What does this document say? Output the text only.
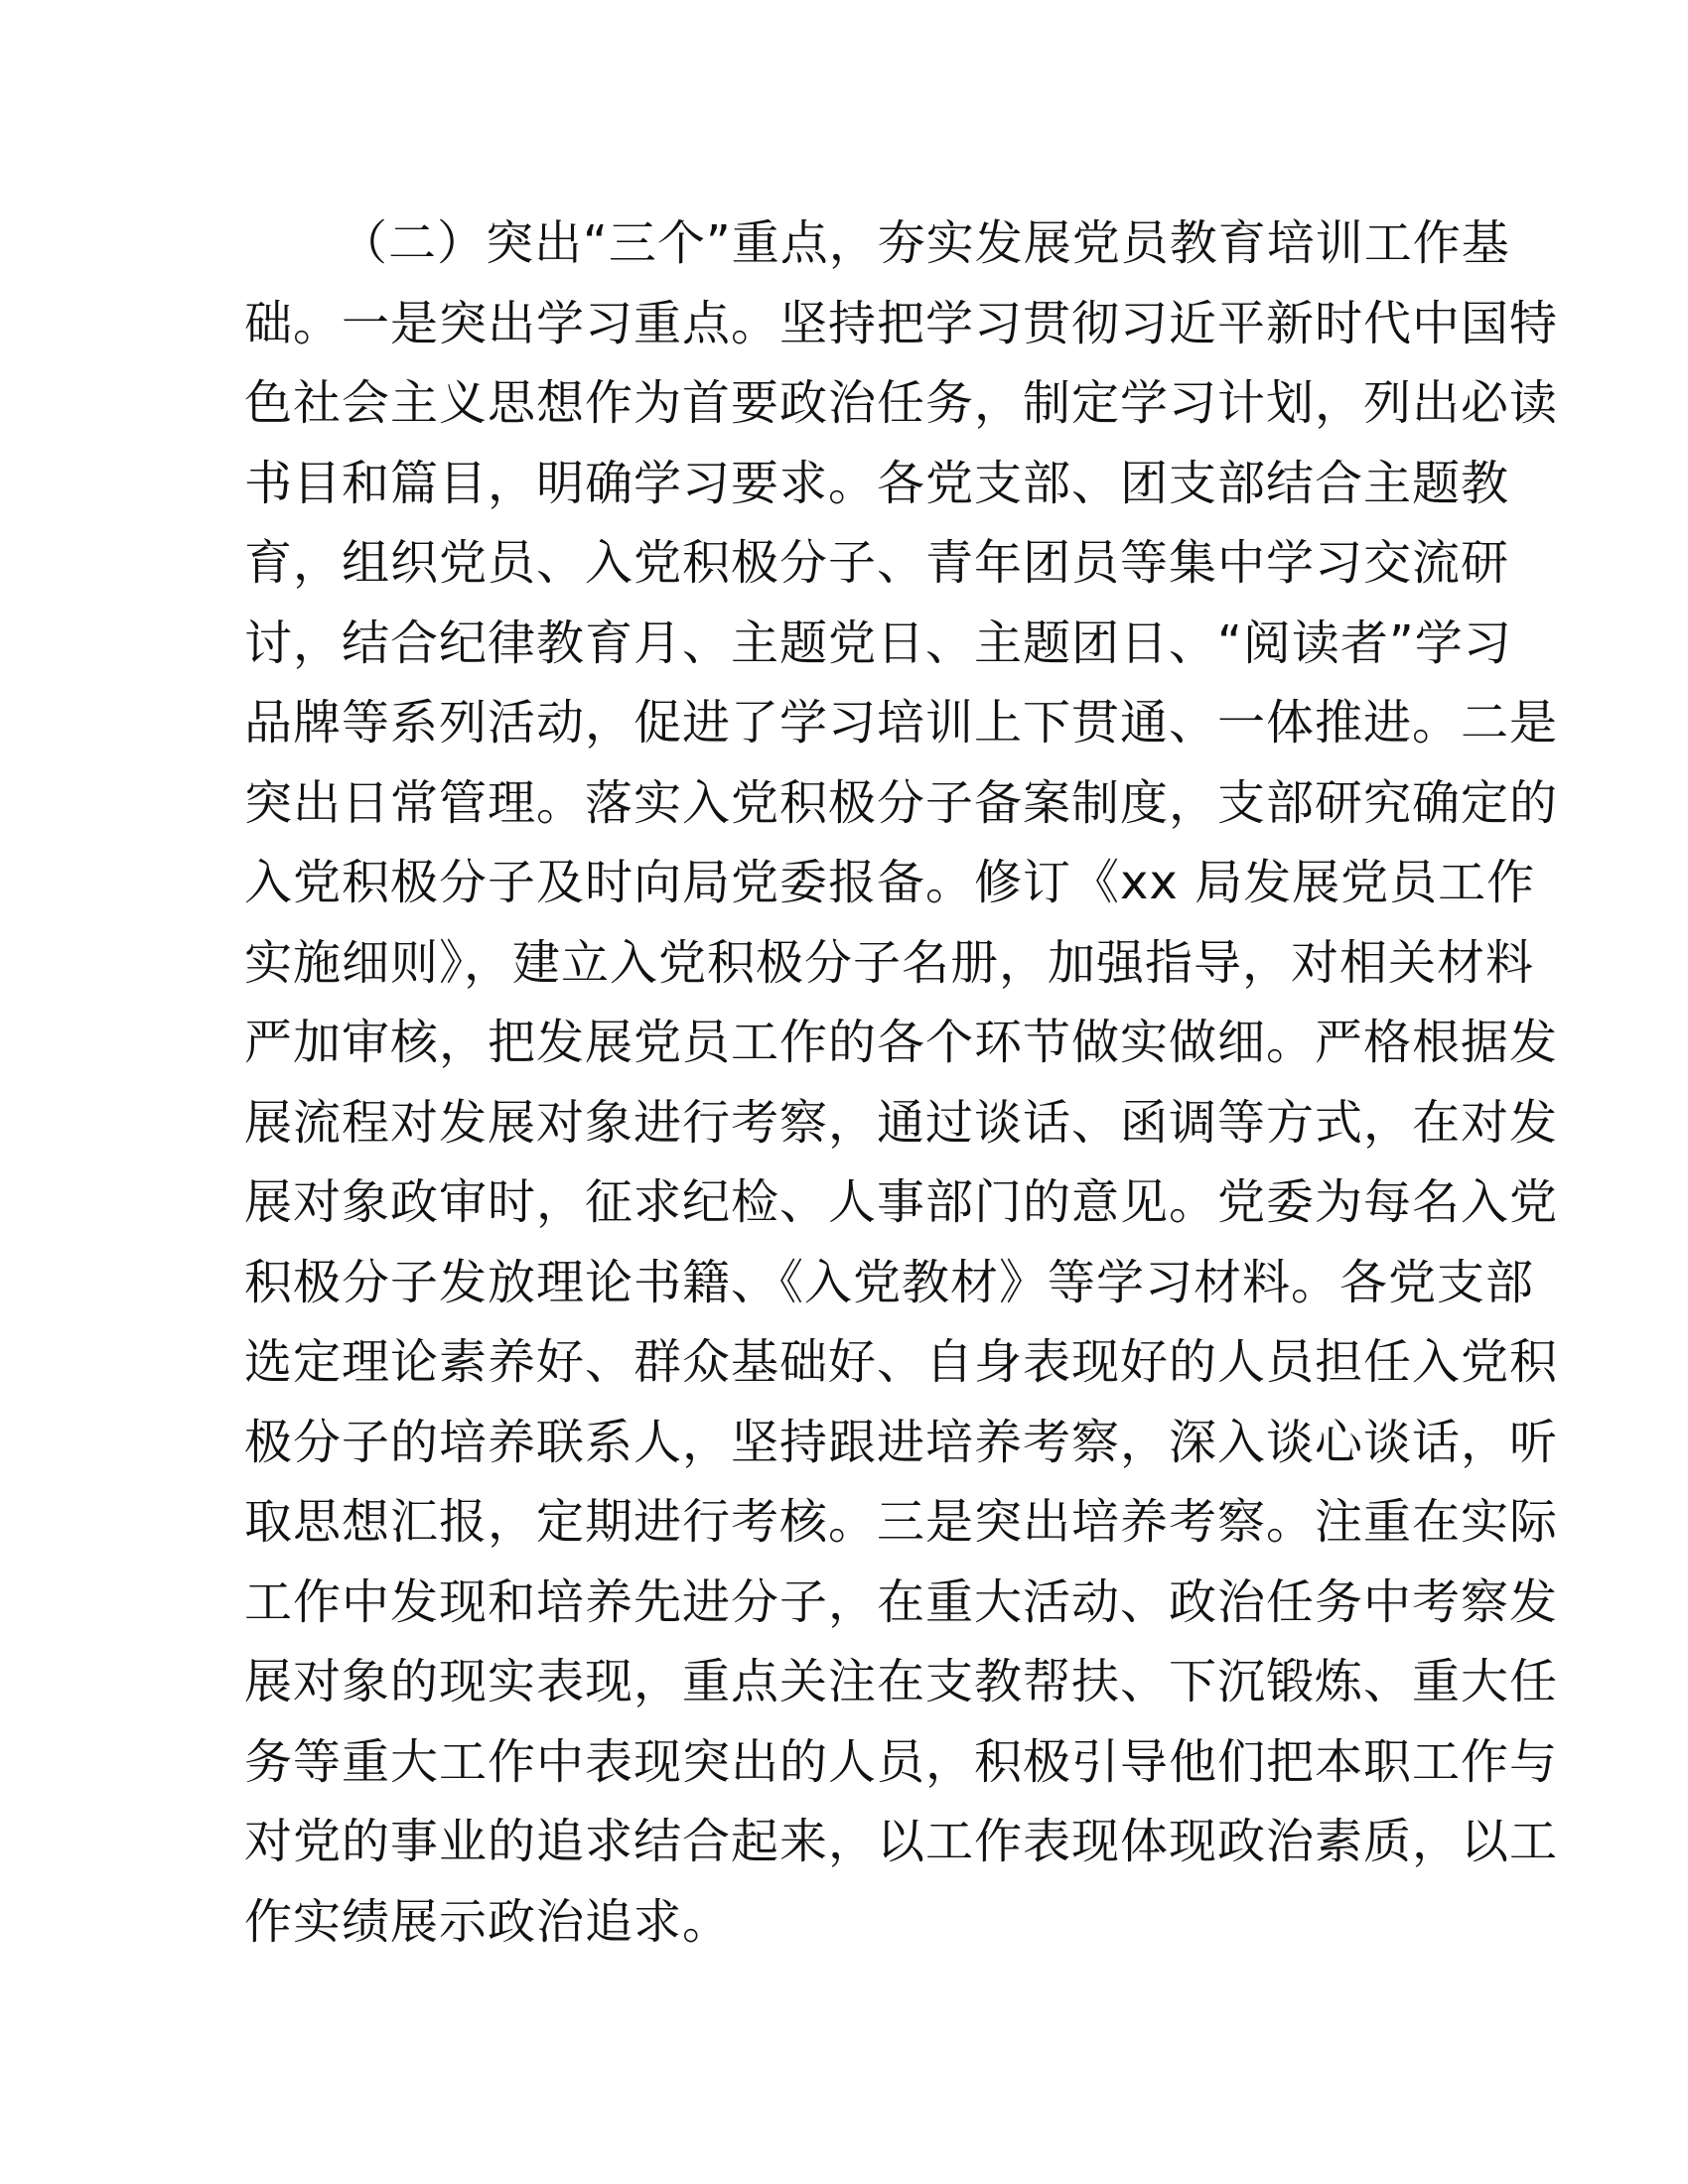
（二）突出“三个”重点，夯实发展党员教育培训工作基
础。一是突出学习重点。坚持把学习贯彻习近平新时代中国特
色社会主义思想作为首要政治任务，制定学习计划，列出必读
书目和篇目，明确学习要求。各党支部、团支部结合主题教
育，组织党员、入党积极分子、青年团员等集中学习交流研
讨，结合纪律教育月、主题党日、主题团日、“阅读者”学习
品牌等系列活动，促进了学习培训上下贯通、一体推进。二是
突出日常管理。落实入党积极分子备案制度，支部研究确定的
入党积极分子及时向局党委报备。修订《xx 局发展党员工作
实施细则》，建立入党积极分子名册，加强指导，对相关材料
严加审核，把发展党员工作的各个环节做实做细。严格根据发
展流程对发展对象进行考察，通过谈话、函调等方式，在对发
展对象政审时，征求纪检、人事部门的意见。党委为每名入党
积极分子发放理论书籍、《入党教材》等学习材料。各党支部
选定理论素养好、群众基础好、自身表现好的人员担任入党积
极分子的培养联系人，坚持跟进培养考察，深入谈心谈话，听
取思想汇报，定期进行考核。三是突出培养考察。注重在实际
工作中发现和培养先进分子，在重大活动、政治任务中考察发
展对象的现实表现，重点关注在支教帮扶、下沉锻炼、重大任
务等重大工作中表现突出的人员，积极引导他们把本职工作与
对党的事业的追求结合起来，以工作表现体现政治素质，以工
作实绩展示政治追求。
